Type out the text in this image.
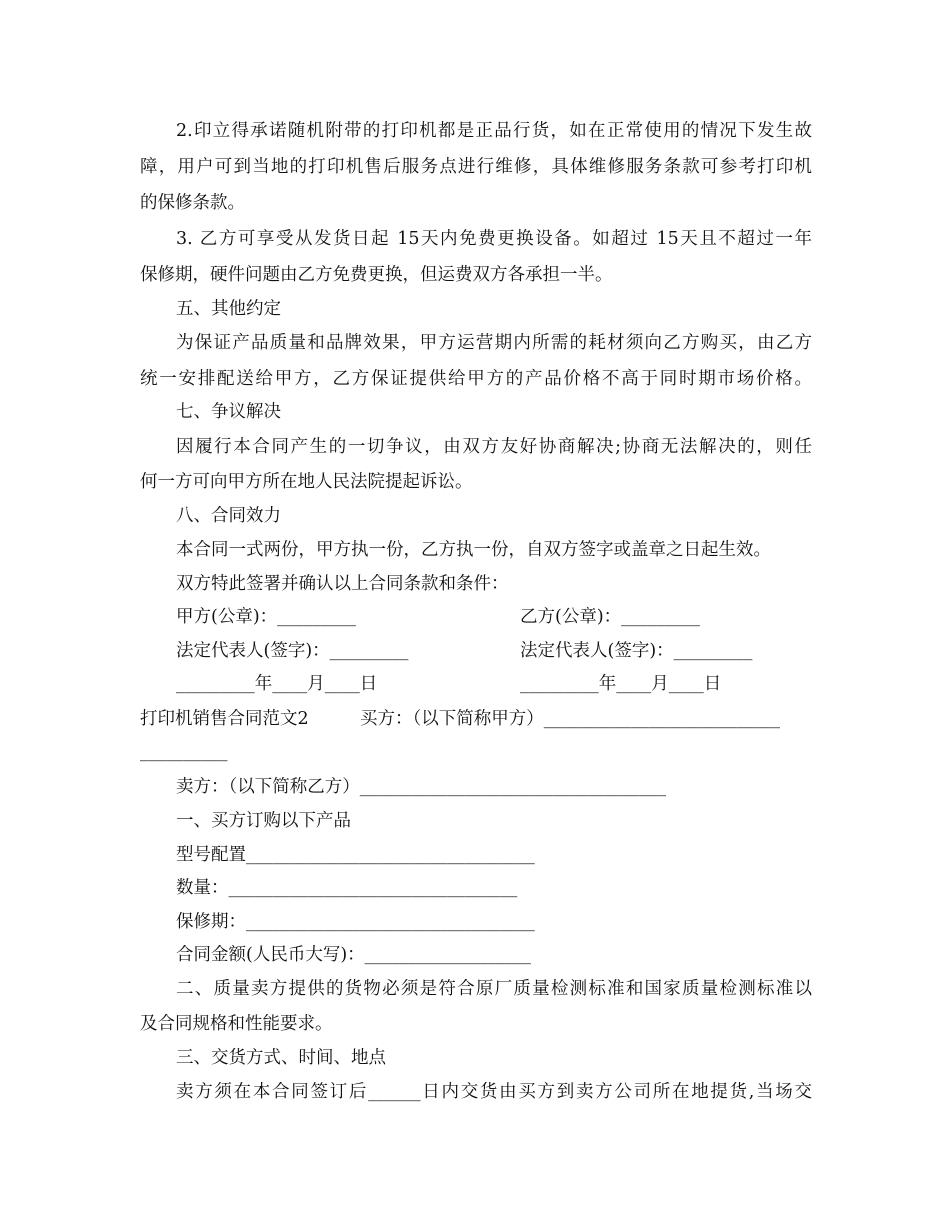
2.印立得承诺随机附带的打印机都是正品行货，如在正常使用的情况下发生故
障，用户可到当地的打印机售后服务点进行维修，具体维修服务条款可参考打印机
的保修条款。
3. 乙方可享受从发货日起 15天内免费更换设备。如超过 15天且不超过一年
保修期，硬件问题由乙方免费更换，但运费双方各承担一半。
五、其他约定
为保证产品质量和品牌效果，甲方运营期内所需的耗材须向乙方购买，由乙方
统一安排配送给甲方，乙方保证提供给甲方的产品价格不高于同时期市场价格。
七、争议解决
因履行本合同产生的一切争议，由双方友好协商解决;协商无法解决的，则任
何一方可向甲方所在地人民法院提起诉讼。
八、合同效力
本合同一式两份，甲方执一份，乙方执一份，自双方签字或盖章之日起生效。
双方特此签署并确认以上合同条款和条件：
甲方(公章)：_________	乙方(公章)：_________
法定代表人(签字)：_________	法定代表人(签字)：_________
_________年____月____日	_________年____月____日
打印机销售合同范文2	买方：（以下简称甲方）___________________________
__________
卖方：（以下简称乙方）___________________________________
一、买方订购以下产品
型号配置_________________________________
数量：_________________________________
保修期：_________________________________
合同金额(人民币大写)：___________________
二、质量卖方提供的货物必须是符合原厂质量检测标准和国家质量检测标准以
及合同规格和性能要求。
三、交货方式、时间、地点
卖方须在本合同签订后______日内交货由买方到卖方公司所在地提货,当场交
